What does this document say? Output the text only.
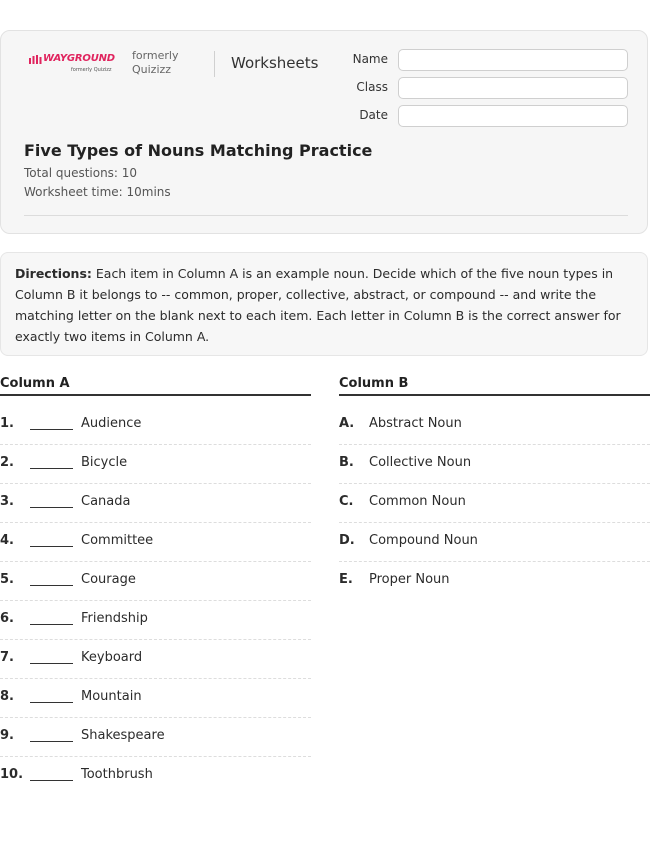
WAYGROUND
formerly Quizizz
formerly
Quizizz	Worksheets	Name
Class
Date
Five Types of Nouns Matching Practice
Total questions: 10
Worksheet time: 10mins
Directions: Each item in Column A is an example noun. Decide which of the five noun types in Column B it belongs to -- common, proper, collective, abstract, or compound -- and write the matching letter on the blank next to each item. Each letter in Column B is the correct answer for exactly two items in Column A.
Column A	Column B
1.	Audience
2.	Bicycle
3.	Canada
4.	Committee
5.	Courage
6.	Friendship
7.	Keyboard
8.	Mountain
9.	Shakespeare
10.	Toothbrush
A. Abstract Noun
B. Collective Noun
C. Common Noun
D. Compound Noun
E. Proper Noun
